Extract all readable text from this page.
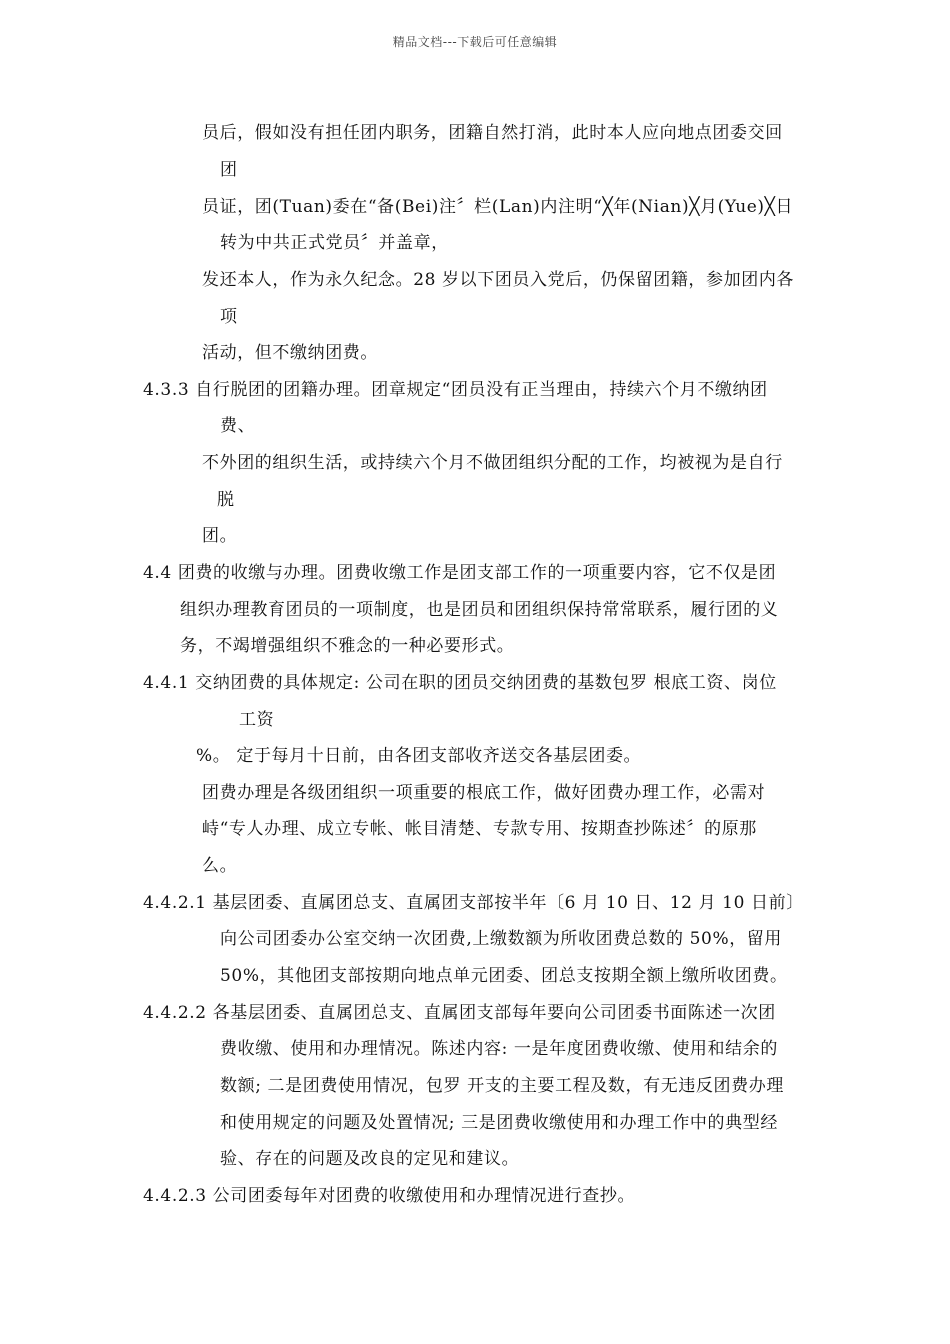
精品文档---下载后可任意编辑
员后，假如没有担任团内职务，团籍自然打消，此时本人应向地点团委交回
团
员证，团(Tuan)委在“备(Bei)注〞栏(Lan)内注明“╳年(Nian)╳月(Yue)╳日
转为中共正式党员〞并盖章，
发还本人，作为永久纪念。28 岁以下团员入党后，仍保留团籍，参加团内各
项
活动，但不缴纳团费。
4.3.3 自行脱团的团籍办理。团章规定“团员没有正当理由，持续六个月不缴纳团
费、
不外团的组织生活，或持续六个月不做团组织分配的工作，均被视为是自行
脱
团。
4.4 团费的收缴与办理。团费收缴工作是团支部工作的一项重要内容，它不仅是团
组织办理教育团员的一项制度，也是团员和团组织保持常常联系，履行团的义
务，不竭增强组织不雅念的一种必要形式。
4.4.1 交纳团费的具体规定: 公司在职的团员交纳团费的基数包罗 根底工资、岗位
工资
%。 定于每月十日前，由各团支部收齐送交各基层团委。
团费办理是各级团组织一项重要的根底工作，做好团费办理工作，必需对
峙“专人办理、成立专帐、帐目清楚、专款专用、按期查抄陈述〞的原那
么。
4.4.2.1 基层团委、直属团总支、直属团支部按半年〔6 月 10 日、12 月 10 日前〕
向公司团委办公室交纳一次团费,上缴数额为所收团费总数的 50%，留用
50%，其他团支部按期向地点单元团委、团总支按期全额上缴所收团费。
4.4.2.2 各基层团委、直属团总支、直属团支部每年要向公司团委书面陈述一次团
费收缴、使用和办理情况。陈述内容: 一是年度团费收缴、使用和结余的
数额; 二是团费使用情况，包罗 开支的主要工程及数，有无违反团费办理
和使用规定的问题及处置情况; 三是团费收缴使用和办理工作中的典型经
验、存在的问题及改良的定见和建议。
4.4.2.3 公司团委每年对团费的收缴使用和办理情况进行查抄。
